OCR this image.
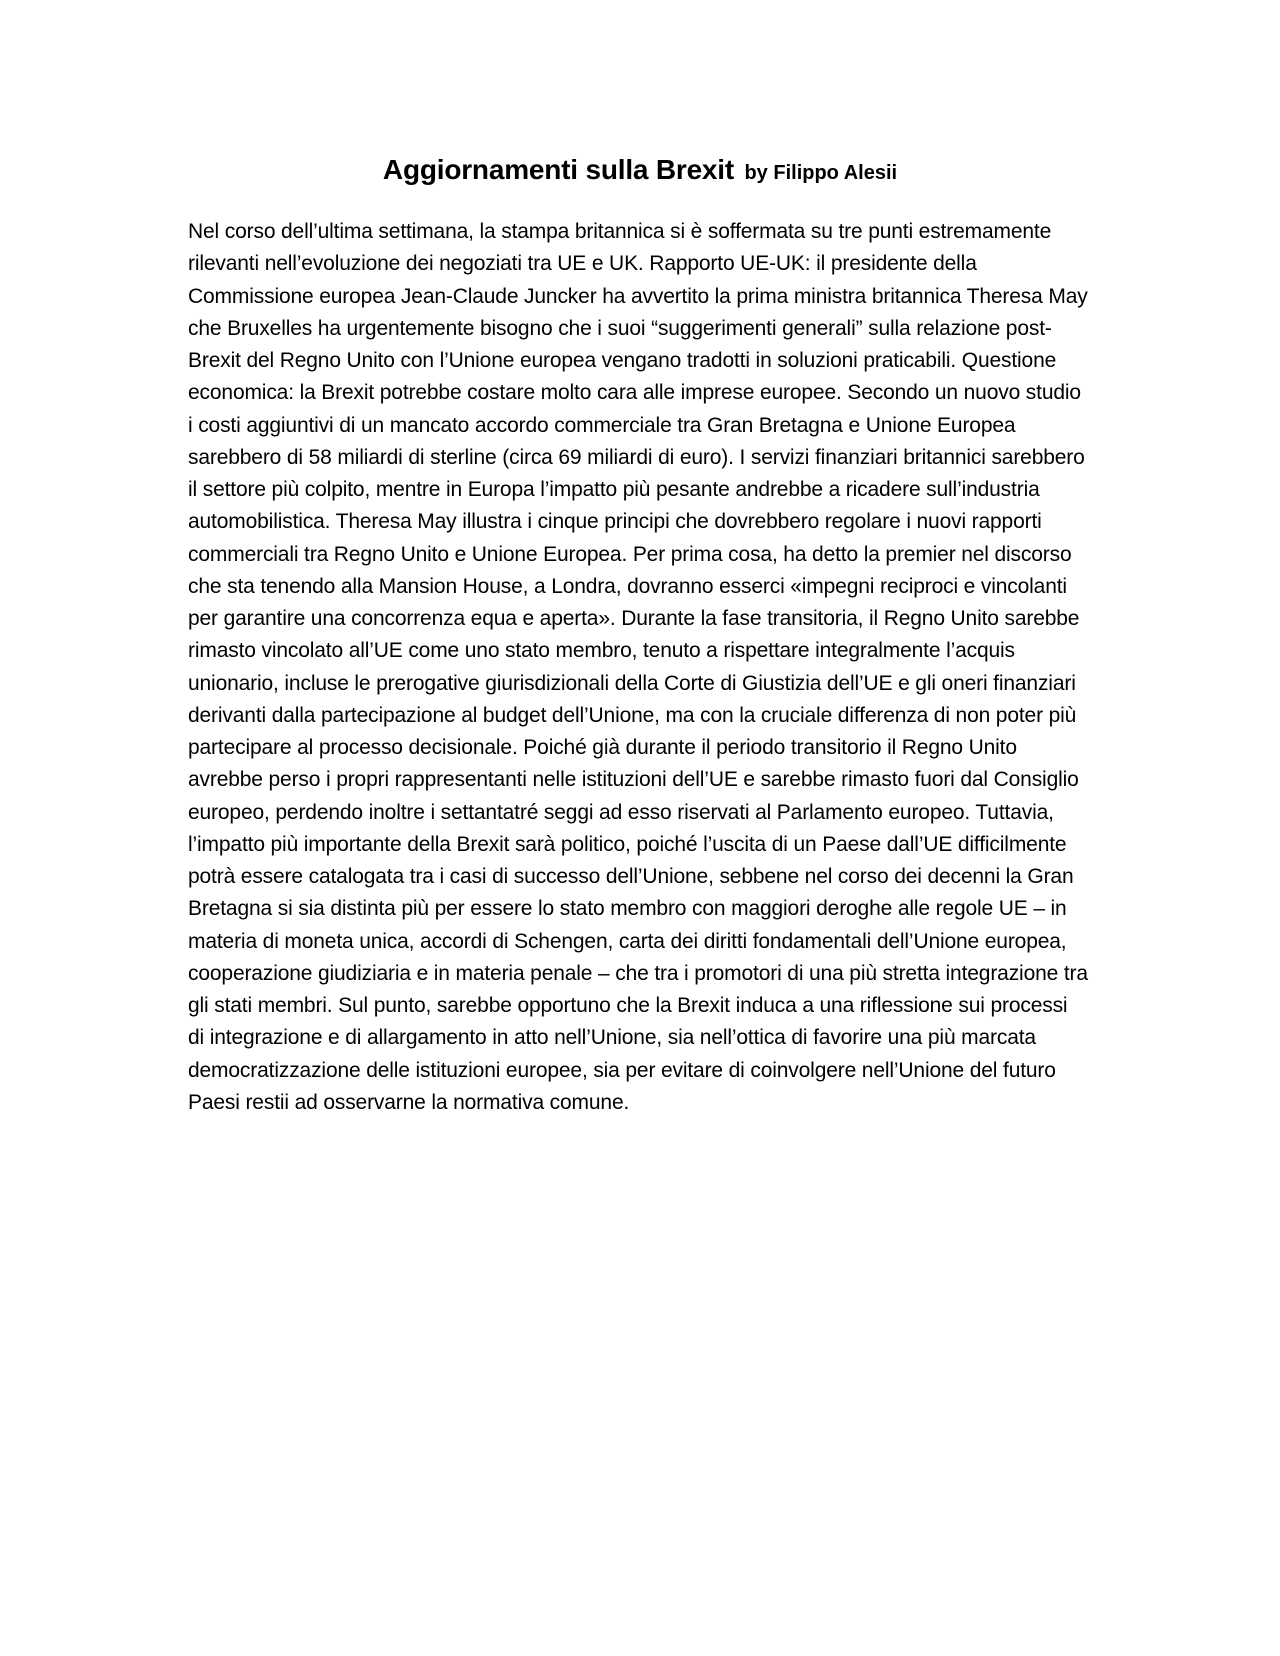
Aggiornamenti sulla Brexit by Filippo Alesii

Nel corso dell’ultima settimana, la stampa britannica si è soffermata su tre punti estremamente rilevanti nell’evoluzione dei negoziati tra UE e UK. Rapporto UE-UK: il presidente della Commissione europea Jean-Claude Juncker ha avvertito la prima ministra britannica Theresa May che Bruxelles ha urgentemente bisogno che i suoi “suggerimenti generali” sulla relazione post-Brexit del Regno Unito con l’Unione europea vengano tradotti in soluzioni praticabili. Questione economica: la Brexit potrebbe costare molto cara alle imprese europee. Secondo un nuovo studio i costi aggiuntivi di un mancato accordo commerciale tra Gran Bretagna e Unione Europea sarebbero di 58 miliardi di sterline (circa 69 miliardi di euro). I servizi finanziari britannici sarebbero il settore più colpito, mentre in Europa l’impatto più pesante andrebbe a ricadere sull’industria automobilistica. Theresa May illustra i cinque principi che dovrebbero regolare i nuovi rapporti commerciali tra Regno Unito e Unione Europea. Per prima cosa, ha detto la premier nel discorso che sta tenendo alla Mansion House, a Londra, dovranno esserci «impegni reciproci e vincolanti per garantire una concorrenza equa e aperta». Durante la fase transitoria, il Regno Unito sarebbe rimasto vincolato all’UE come uno stato membro, tenuto a rispettare integralmente l’acquis unionario, incluse le prerogative giurisdizionali della Corte di Giustizia dell’UE e gli oneri finanziari derivanti dalla partecipazione al budget dell’Unione, ma con la cruciale differenza di non poter più partecipare al processo decisionale. Poiché già durante il periodo transitorio il Regno Unito avrebbe perso i propri rappresentanti nelle istituzioni dell’UE e sarebbe rimasto fuori dal Consiglio europeo, perdendo inoltre i settantatré seggi ad esso riservati al Parlamento europeo. Tuttavia, l’impatto più importante della Brexit sarà politico, poiché l’uscita di un Paese dall’UE difficilmente potrà essere catalogata tra i casi di successo dell’Unione, sebbene nel corso dei decenni la Gran Bretagna si sia distinta più per essere lo stato membro con maggiori deroghe alle regole UE – in materia di moneta unica, accordi di Schengen, carta dei diritti fondamentali dell’Unione europea, cooperazione giudiziaria e in materia penale – che tra i promotori di una più stretta integrazione tra gli stati membri. Sul punto, sarebbe opportuno che la Brexit induca a una riflessione sui processi di integrazione e di allargamento in atto nell’Unione, sia nell’ottica di favorire una più marcata democratizzazione delle istituzioni europee, sia per evitare di coinvolgere nell’Unione del futuro Paesi restii ad osservarne la normativa comune.
